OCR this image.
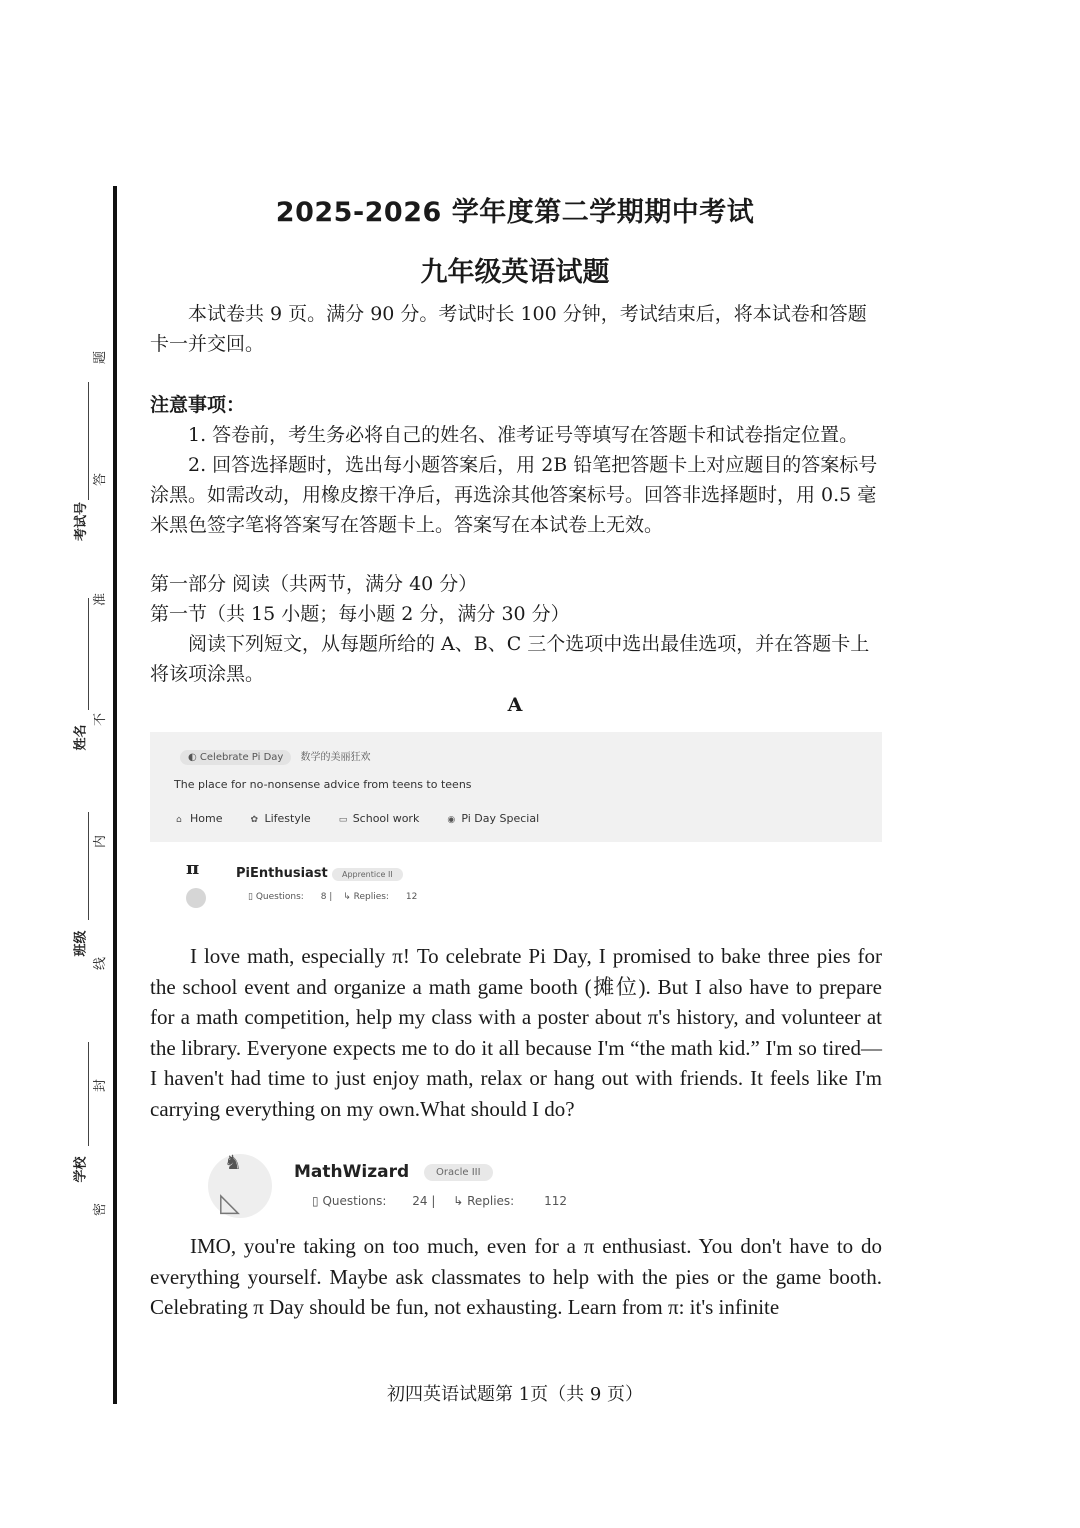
考试号
姓名
班级
学校
题
答
准
不
内
线
封
密
2025-2026 学年度第二学期期中考试
九年级英语试题

本试卷共 9 页。满分 90 分。考试时长 100 分钟，考试结束后，将本试卷和答题卡一并交回。

注意事项：

1. 答卷前，考生务必将自己的姓名、准考证号等填写在答题卡和试卷指定位置。

2. 回答选择题时，选出每小题答案后，用 2B 铅笔把答题卡上对应题目的答案标号涂黑。如需改动，用橡皮擦干净后，再选涂其他答案标号。回答非选择题时，用 0.5 毫米黑色签字笔将答案写在答题卡上。答案写在本试卷上无效。

第一部分 阅读（共两节，满分 40 分）

第一节（共 15 小题；每小题 2 分，满分 30 分）

阅读下列短文，从每题所给的 A、B、C 三个选项中选出最佳选项，并在答题卡上将该项涂黑。

A
◐ Celebrate Pi Day 数学的美丽狂欢
The place for no-nonsense advice from teens to teens
⌂ Home	✿ Lifestyle	▭ School work	◉ Pi Day Special
π	PiEnthusiast	Apprentice II
▯ Questions: 8 | ↳ Replies: 12

I love math, especially π! To celebrate Pi Day, I promised to bake three pies for the school event and organize a math game booth (摊位). But I also have to prepare for a math competition, help my class with a poster about π's history, and volunteer at the library. Everyone expects me to do it all because I'm “the math kid.” I'm so tired—I haven't had time to just enjoy math, relax or hang out with friends. It feels like I'm carrying everything on my own.What should I do?

♞
◺
MathWizard	Oracle III
▯ Questions: 24 | ↳ Replies: 112

IMO, you're taking on too much, even for a π enthusiast. You don't have to do everything yourself. Maybe ask classmates to help with the pies or the game booth. Celebrating π Day should be fun, not exhausting. Learn from π: it's infinite

初四英语试题第 1页（共 9 页）
